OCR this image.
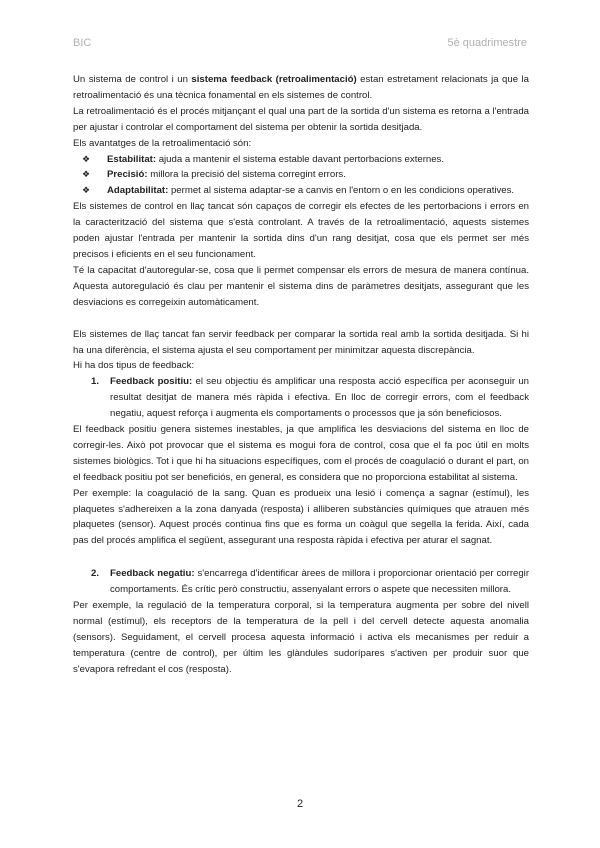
BIC	5è quadrimestre

Un sistema de control i un sistema feedback (retroalimentació) estan estretament relacionats ja que la retroalimentació és una tècnica fonamental en els sistemes de control.

La retroalimentació és el procés mitjançant el qual una part de la sortida d'un sistema es retorna a l'entrada per ajustar i controlar el comportament del sistema per obtenir la sortida desitjada.

Els avantatges de la retroalimentació són:

❖	Estabilitat: ajuda a mantenir el sistema estable davant pertorbacions externes.

❖	Precisió: millora la precisió del sistema corregint errors.

❖	Adaptabilitat: permet al sistema adaptar-se a canvis en l'entorn o en les condicions operatives.

Els sistemes de control en llaç tancat són capaços de corregir els efectes de les pertorbacions i errors en la caracterització del sistema que s'està controlant. A través de la retroalimentació, aquests sistemes poden ajustar l'entrada per mantenir la sortida dins d'un rang desitjat, cosa que els permet ser més precisos i eficients en el seu funcionament.

Té la capacitat d'autoregular-se, cosa que li permet compensar els errors de mesura de manera contínua. Aquesta autoregulació és clau per mantenir el sistema dins de paràmetres desitjats, assegurant que les desviacions es corregeixin automàticament.

Els sistemes de llaç tancat fan servir feedback per comparar la sortida real amb la sortida desitjada. Si hi ha una diferència, el sistema ajusta el seu comportament per minimitzar aquesta discrepància.

Hi ha dos tipus de feedback:

1.	Feedback positiu: el seu objectiu és amplificar una resposta acció específica per aconseguir un resultat desitjat de manera més ràpida i efectiva. En lloc de corregir errors, com el feedback negatiu, aquest reforça i augmenta els comportaments o processos que ja són beneficiosos.

El feedback positiu genera sistemes inestables, ja que amplifica les desviacions del sistema en lloc de corregir-les. Això pot provocar que el sistema es mogui fora de control, cosa que el fa poc útil en molts sistemes biològics. Tot i que hi ha situacions específiques, com el procés de coagulació o durant el part, on el feedback positiu pot ser beneficiós, en general, es considera que no proporciona estabilitat al sistema.

Per exemple: la coagulació de la sang. Quan es produeix una lesió i comença a sagnar (estímul), les plaquetes s'adhereixen a la zona danyada (resposta) i alliberen substàncies químiques que atrauen més plaquetes (sensor). Aquest procés continua fins que es forma un coàgul que segella la ferida. Així, cada pas del procés amplifica el següent, assegurant una resposta ràpida i efectiva per aturar el sagnat.

2.	Feedback negatiu: s'encarrega d'identificar àrees de millora i proporcionar orientació per corregir comportaments. És crític però constructiu, assenyalant errors o aspete que necessiten millora.

Per exemple, la regulació de la temperatura corporal, si la temperatura augmenta per sobre del nivell normal (estímul), els receptors de la temperatura de la pell i del cervell detecte aquesta anomalia (sensors). Seguidament, el cervell procesa aquesta informació i activa els mecanismes per reduir a temperatura (centre de control), per últim les glàndules sudorípares s'activen per produir suor que s'evapora refredant el cos (resposta).

2
